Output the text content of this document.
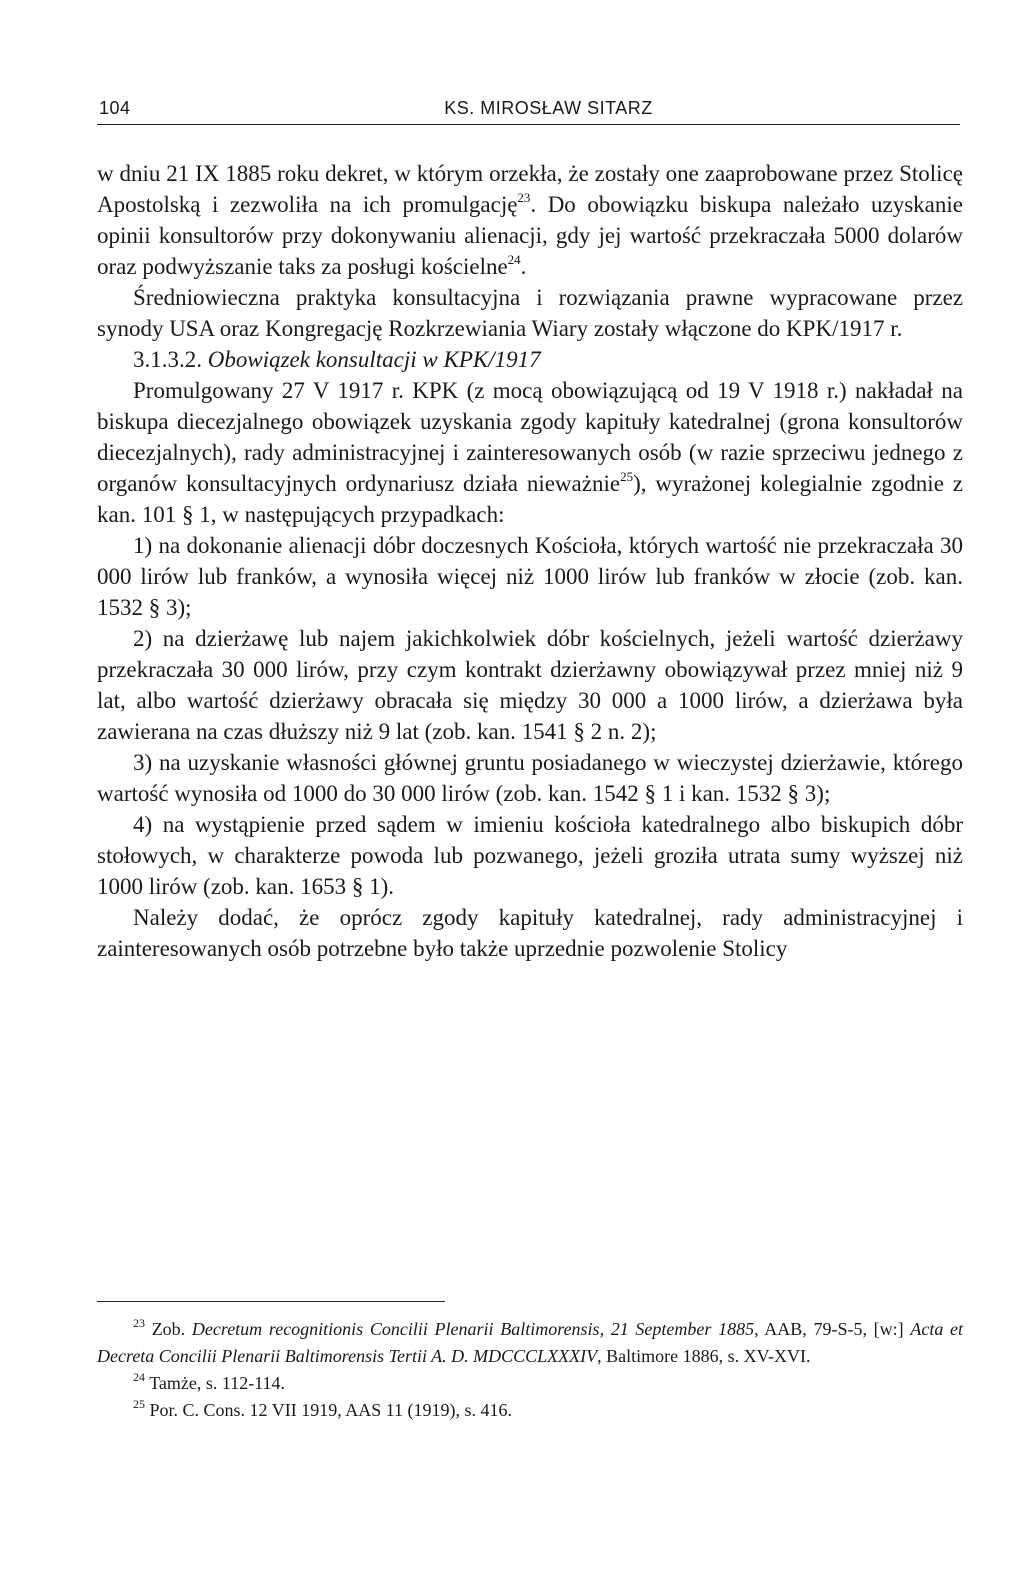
104	KS. MIROSŁAW SITARZ

w dniu 21 IX 1885 roku dekret, w którym orzekła, że zostały one zaaprobowane przez Stolicę Apostolską i zezwoliła na ich promulgację$^{23}$. Do obowiązku biskupa należało uzyskanie opinii konsultorów przy dokonywaniu alienacji, gdy jej wartość przekraczała 5000 dolarów oraz podwyższanie taks za posługi kościelne$^{24}$.

Średniowieczna praktyka konsultacyjna i rozwiązania prawne wypracowane przez synody USA oraz Kongregację Rozkrzewiania Wiary zostały włączone do KPK/1917 r.

3.1.3.2. Obowiązek konsultacji w KPK/1917

Promulgowany 27 V 1917 r. KPK (z mocą obowiązującą od 19 V 1918 r.) nakładał na biskupa diecezjalnego obowiązek uzyskania zgody kapituły katedralnej (grona konsultorów diecezjalnych), rady administracyjnej i zainteresowanych osób (w razie sprzeciwu jednego z organów konsultacyjnych ordynariusz działa nieważnie$^{25}$), wyrażonej kolegialnie zgodnie z kan. 101 § 1, w następujących przypadkach:

1) na dokonanie alienacji dóbr doczesnych Kościoła, których wartość nie przekraczała 30 000 lirów lub franków, a wynosiła więcej niż 1000 lirów lub franków w złocie (zob. kan. 1532 § 3);

2) na dzierżawę lub najem jakichkolwiek dóbr kościelnych, jeżeli wartość dzierżawy przekraczała 30 000 lirów, przy czym kontrakt dzierżawny obowiązywał przez mniej niż 9 lat, albo wartość dzierżawy obracała się między 30 000 a 1000 lirów, a dzierżawa była zawierana na czas dłuższy niż 9 lat (zob. kan. 1541 § 2 n. 2);

3) na uzyskanie własności głównej gruntu posiadanego w wieczystej dzierżawie, którego wartość wynosiła od 1000 do 30 000 lirów (zob. kan. 1542 § 1 i kan. 1532 § 3);

4) na wystąpienie przed sądem w imieniu kościoła katedralnego albo biskupich dóbr stołowych, w charakterze powoda lub pozwanego, jeżeli groziła utrata sumy wyższej niż 1000 lirów (zob. kan. 1653 § 1).

Należy dodać, że oprócz zgody kapituły katedralnej, rady administracyjnej i zainteresowanych osób potrzebne było także uprzednie pozwolenie Stolicy

$^{23}$ Zob. Decretum recognitionis Concilii Plenarii Baltimorensis, 21 September 1885, AAB, 79-S-5, [w:] Acta et Decreta Concilii Plenarii Baltimorensis Tertii A. D. MDCCCLXXXIV, Baltimore 1886, s. XV-XVI.

$^{24}$ Tamże, s. 112-114.

$^{25}$ Por. C. Cons. 12 VII 1919, AAS 11 (1919), s. 416.
